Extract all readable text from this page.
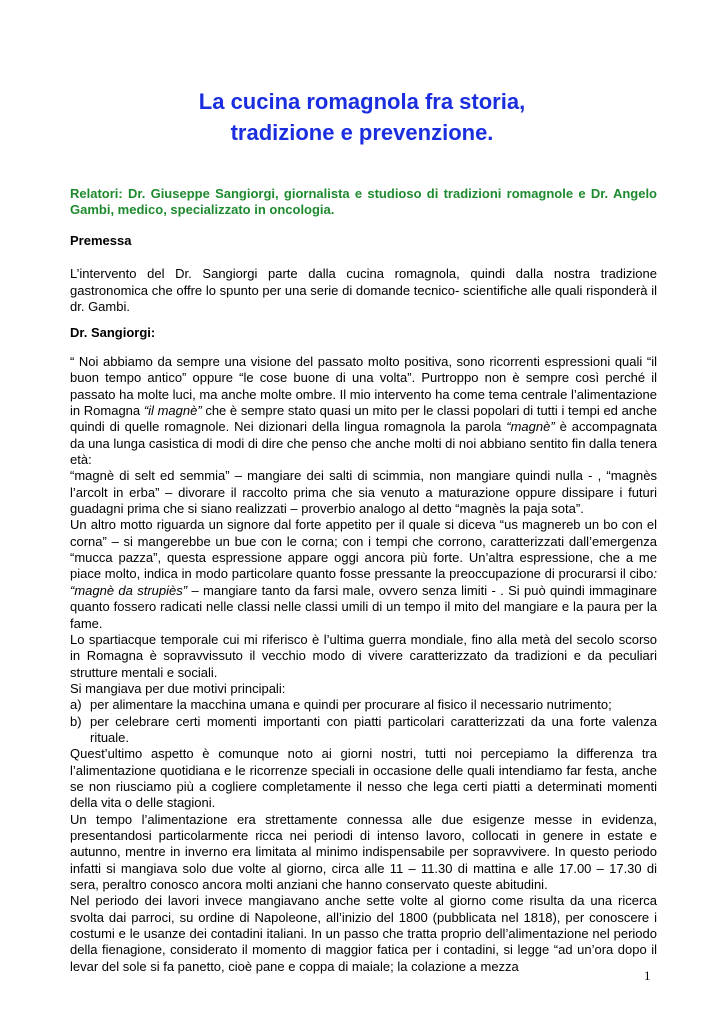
La cucina romagnola fra storia,
tradizione e prevenzione.
Relatori: Dr. Giuseppe Sangiorgi, giornalista e studioso di tradizioni romagnole e Dr. Angelo Gambi, medico, specializzato in oncologia.
Premessa
L’intervento del Dr. Sangiorgi parte dalla cucina romagnola, quindi dalla nostra tradizione gastronomica che offre lo spunto per una serie di domande tecnico- scientifiche alle quali risponderà il dr. Gambi.
Dr. Sangiorgi:

“ Noi abbiamo da sempre una visione del passato molto positiva, sono ricorrenti espressioni quali “il buon tempo antico” oppure “le cose buone di una volta”. Purtroppo non è sempre così perché il passato ha molte luci, ma anche molte ombre. Il mio intervento ha come tema centrale l’alimentazione in Romagna “il magnè” che è sempre stato quasi un mito per le classi popolari di tutti i tempi ed anche quindi di quelle romagnole. Nei dizionari della lingua romagnola la parola “magnè” è accompagnata da una lunga casistica di modi di dire che penso che anche molti di noi abbiano sentito fin dalla tenera età:

“magnè di selt ed semmia” – mangiare dei salti di scimmia, non mangiare quindi nulla - , “magnès l’arcolt in erba” – divorare il raccolto prima che sia venuto a maturazione oppure dissipare i futuri guadagni prima che si siano realizzati – proverbio analogo al detto “magnès la paja sota”.

Un altro motto riguarda un signore dal forte appetito per il quale si diceva “us magnereb un bo con el corna” – si mangerebbe un bue con le corna; con i tempi che corrono, caratterizzati dall’emergenza “mucca pazza”, questa espressione appare oggi ancora più forte. Un’altra espressione, che a me piace molto, indica in modo particolare quanto fosse pressante la preoccupazione di procurarsi il cibo: “magnè da strupiès” – mangiare tanto da farsi male, ovvero senza limiti - . Si può quindi immaginare quanto fossero radicati nelle classi nelle classi umili di un tempo il mito del mangiare e la paura per la fame.

Lo spartiacque temporale cui mi riferisco è l’ultima guerra mondiale, fino alla metà del secolo scorso in Romagna è sopravvissuto il vecchio modo di vivere caratterizzato da tradizioni e da peculiari strutture mentali e sociali.

Si mangiava per due motivi principali:

a) per alimentare la macchina umana e quindi per procurare al fisico il necessario nutrimento;
b) per celebrare certi momenti importanti con piatti particolari caratterizzati da una forte valenza rituale.

Quest’ultimo aspetto è comunque noto ai giorni nostri, tutti noi percepiamo la differenza tra l’alimentazione quotidiana e le ricorrenze speciali in occasione delle quali intendiamo far festa, anche se non riusciamo più a cogliere completamente il nesso che lega certi piatti a determinati momenti della vita o delle stagioni.

Un tempo l’alimentazione era strettamente connessa alle due esigenze messe in evidenza, presentandosi particolarmente ricca nei periodi di intenso lavoro, collocati in genere in estate e autunno, mentre in inverno era limitata al minimo indispensabile per sopravvivere. In questo periodo infatti si mangiava solo due volte al giorno, circa alle 11 – 11.30 di mattina e alle 17.00 – 17.30 di sera, peraltro conosco ancora molti anziani che hanno conservato queste abitudini.

Nel periodo dei lavori invece mangiavano anche sette volte al giorno come risulta da una ricerca svolta dai parroci, su ordine di Napoleone, all’inizio del 1800 (pubblicata nel 1818), per conoscere i costumi e le usanze dei contadini italiani. In un passo che tratta proprio dell’alimentazione nel periodo della fienagione, considerato il momento di maggior fatica per i contadini, si legge “ad un’ora dopo il levar del sole si fa panetto, cioè pane e coppa di maiale; la colazione a mezza

1
